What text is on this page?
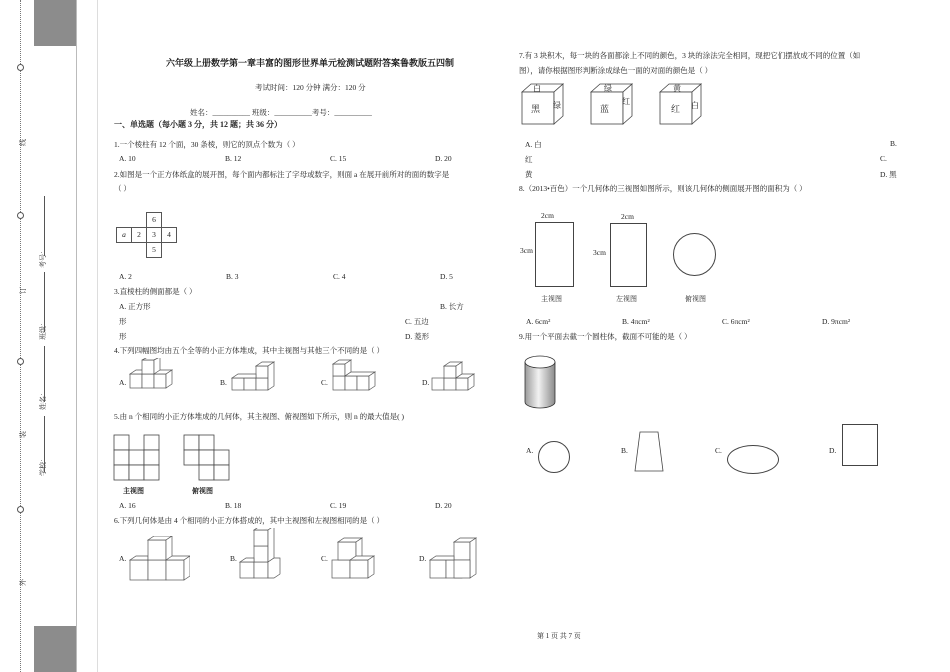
线
订
装
外
考号：
班级：
姓名：
学校：
六年级上册数学第一章丰富的图形世界单元检测试题附答案鲁教版五四制
考试时间：120 分钟 满分：120 分
姓名：__________ 班级：__________考号：__________
一、单选题（每小题 3 分，共 12 题；共 36 分）
1.一个棱柱有 12 个面，30 条棱，则它的顶点个数为（ ）
A. 10	B. 12	C. 15	D. 20
2.如图是一个正方体纸盒的展开图，每个面内都标注了字母或数字，则面 a 在展开前所对的面的数字是
（ ）
6
a	2	3	4
5
A. 2	B. 3	C. 4	D. 5
3.直棱柱的侧面都是（ ）
A. 正方形	B. 长方
形	C. 五边
形	D. 菱形
4.下列四幅图均由五个全等的小正方体堆成，其中主视图与其他三个不同的是（ ）
A.	B.	C.	D.
5.由 n 个相同的小正方体堆成的几何体，其主视图、俯视图如下所示，则 n 的最大值是( )
主视图	俯视图
A. 16	B. 18	C. 19	D. 20
6.下列几何体是由 4 个相同的小正方体搭成的，其中主视图和左视图相同的是（ ）
A.	B.	C.	D.
7.有 3 块积木，每一块的各面都涂上不同的颜色，3 块的涂法完全相同，现把它们摆放成不同的位置（如
图），请你根据图形判断涂成绿色一面的对面的颜色是（ ）
白
黑 绿
绿
蓝
红
黄
红 白
A. 白	B.
红	C.
黄	D. 黑
8.（2013•百色）一个几何体的三视图如图所示，则该几何体的侧面展开图的面积为（ ）
2cm	2cm
3cm	3cm
主视图	左视图	俯视图
A. 6cm²	B. 4πcm²	C. 6πcm²	D. 9πcm²
9.用一个平面去截一个圆柱体，截面不可能的是（ ）
A.	B.	C.	D.
第 1 页 共 7 页
